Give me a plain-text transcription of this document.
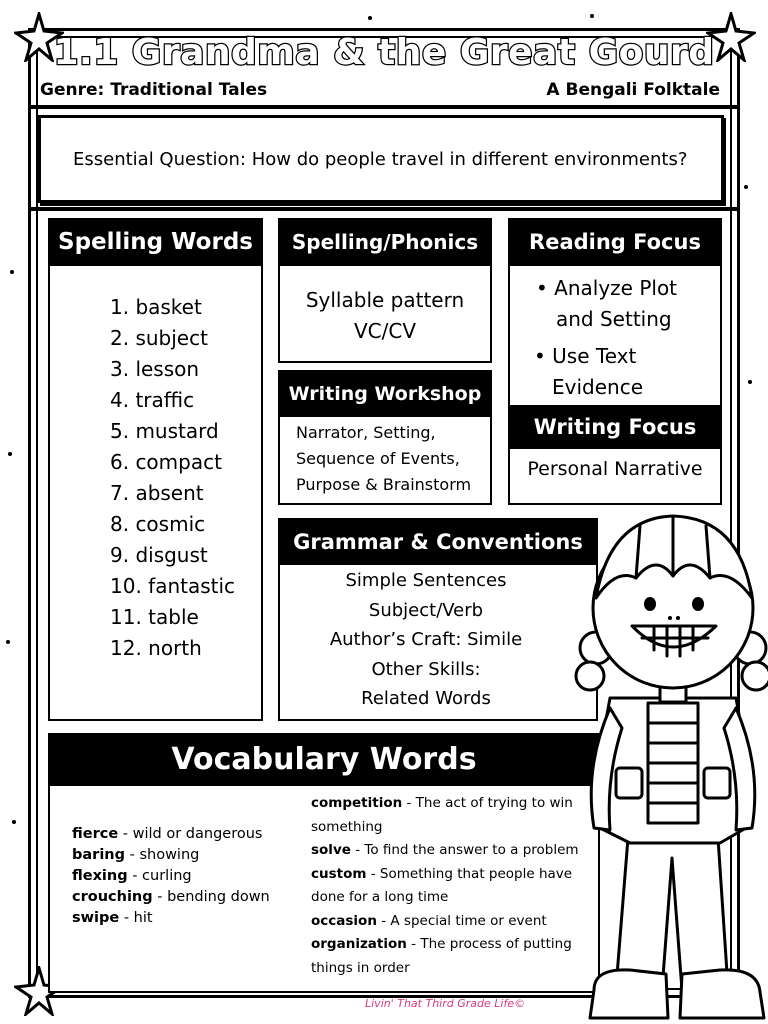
1.1 Grandma & the Great Gourd
Genre: Traditional Tales	A Bengali Folktale
Essential Question: How do people travel in different environments?
Spelling Words
1. basket
2. subject
3. lesson
4. traffic
5. mustard
6. compact
7. absent
8. cosmic
9. disgust
10. fantastic
11. table
12. north
Spelling/Phonics
Syllable pattern
VC/CV
Reading Focus
• Analyze Plot
and Setting
• Use Text
Evidence
Writing Workshop
Narrator, Setting,
Sequence of Events,
Purpose & Brainstorm
Writing Focus
Personal Narrative
Grammar & Conventions
Simple Sentences
Subject/Verb
Author’s Craft: Simile
Other Skills:
Related Words
Vocabulary Words
fierce - wild or dangerous
baring - showing
flexing - curling
crouching - bending down
swipe - hit
competition - The act of trying to win something
solve - To find the answer to a problem
custom - Something that people have done for a long time
occasion - A special time or event
organization - The process of putting things in order
Livin' That Third Grade Life©
